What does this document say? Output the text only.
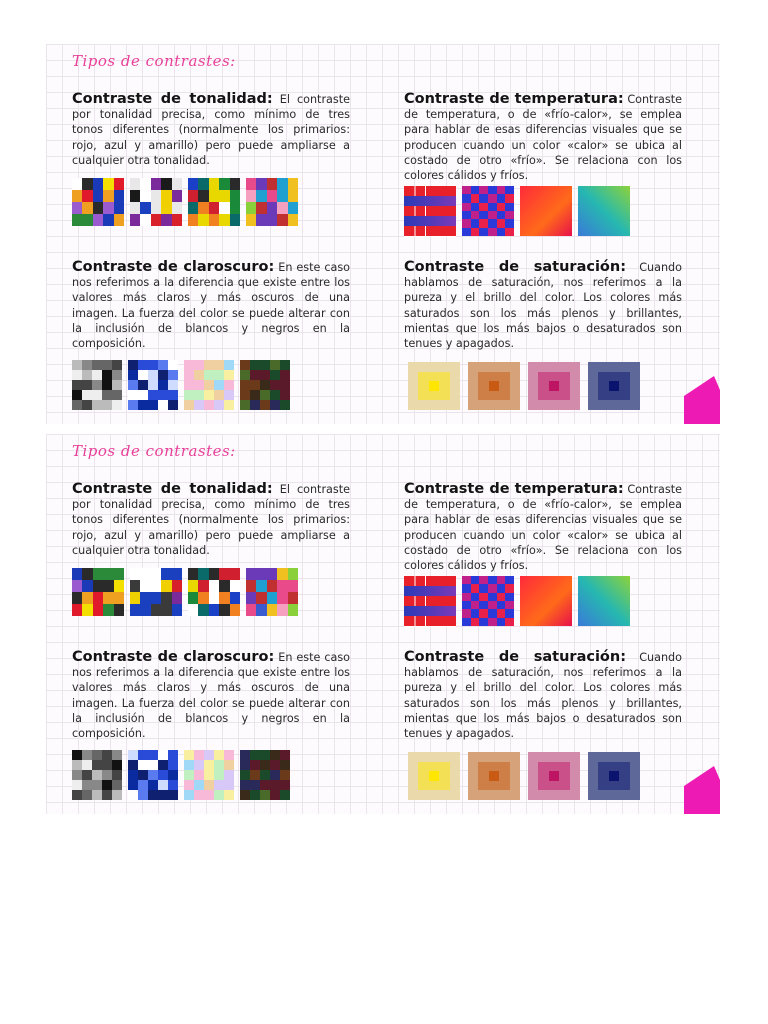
Tipos de contrastes:
Contraste de tonalidad: El contraste por tonalidad precisa, como mínimo de tres tonos diferentes (normalmente los primarios: rojo, azul y amarillo) pero puede ampliarse a cualquier otra tonalidad.
Contraste de temperatura: Contraste de temperatura, o de «frío-calor», se emplea para hablar de esas diferencias visuales que se producen cuando un color «calor» se ubica al costado de otro «frío». Se relaciona con los colores cálidos y fríos.
Contraste de claroscuro: En este caso nos referimos a la diferencia que existe entre los valores más claros y más oscuros de una imagen. La fuerza del color se puede alterar con la inclusión de blancos y negros en la composición.
Contraste de saturación: Cuando hablamos de saturación, nos referimos a la pureza y el brillo del color. Los colores más saturados son los más plenos y brillantes, mientas que los más bajos o desaturados son tenues y apagados.
Tipos de contrastes:
Contraste de tonalidad: El contraste por tonalidad precisa, como mínimo de tres tonos diferentes (normalmente los primarios: rojo, azul y amarillo) pero puede ampliarse a cualquier otra tonalidad.
Contraste de temperatura: Contraste de temperatura, o de «frío-calor», se emplea para hablar de esas diferencias visuales que se producen cuando un color «calor» se ubica al costado de otro «frío». Se relaciona con los colores cálidos y fríos.
Contraste de claroscuro: En este caso nos referimos a la diferencia que existe entre los valores más claros y más oscuros de una imagen. La fuerza del color se puede alterar con la inclusión de blancos y negros en la composición.
Contraste de saturación: Cuando hablamos de saturación, nos referimos a la pureza y el brillo del color. Los colores más saturados son los más plenos y brillantes, mientas que los más bajos o desaturados son tenues y apagados.
